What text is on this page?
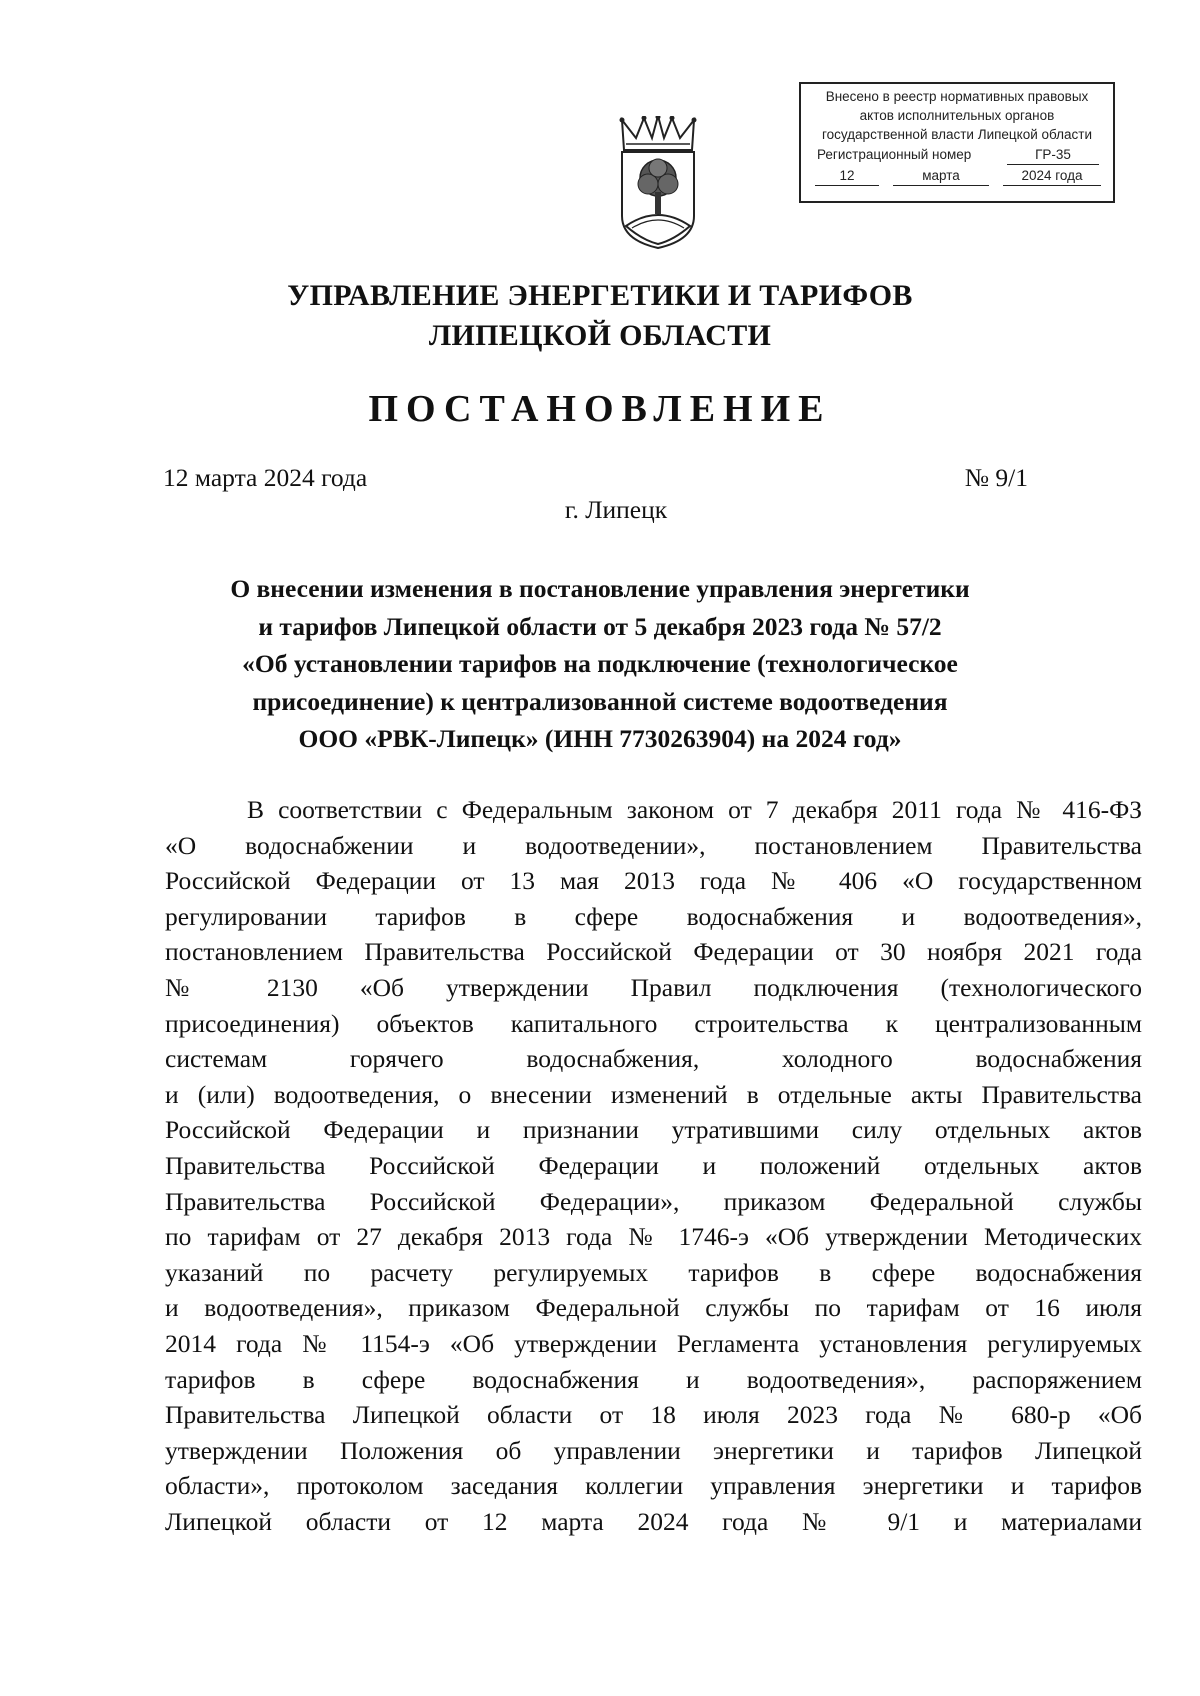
Внесено в реестр нормативных правовых
актов исполнительных органов
государственной власти Липецкой области
Регистрационный номер	ГР-35
12	марта	2024 года
УПРАВЛЕНИЕ ЭНЕРГЕТИКИ И ТАРИФОВ
ЛИПЕЦКОЙ ОБЛАСТИ
ПОСТАНОВЛЕНИЕ
12 марта 2024 года	№ 9/1
г. Липецк
О внесении изменения в постановление управления энергетики
и тарифов Липецкой области от 5 декабря 2023 года № 57/2
«Об установлении тарифов на подключение (технологическое
присоединение) к централизованной системе водоотведения
ООО «РВК-Липецк» (ИНН 7730263904) на 2024 год»
В соответствии с Федеральным законом от 7 декабря 2011 года № 416-ФЗ
«О водоснабжении и водоотведении», постановлением Правительства
Российской Федерации от 13 мая 2013 года № 406 «О государственном
регулировании тарифов в сфере водоснабжения и водоотведения»,
постановлением Правительства Российской Федерации от 30 ноября 2021 года
№ 2130 «Об утверждении Правил подключения (технологического
присоединения) объектов капитального строительства к централизованным
системам горячего водоснабжения, холодного водоснабжения
и (или) водоотведения, о внесении изменений в отдельные акты Правительства
Российской Федерации и признании утратившими силу отдельных актов
Правительства Российской Федерации и положений отдельных актов
Правительства Российской Федерации», приказом Федеральной службы
по тарифам от 27 декабря 2013 года № 1746-э «Об утверждении Методических
указаний по расчету регулируемых тарифов в сфере водоснабжения
и водоотведения», приказом Федеральной службы по тарифам от 16 июля
2014 года № 1154-э «Об утверждении Регламента установления регулируемых
тарифов в сфере водоснабжения и водоотведения», распоряжением
Правительства Липецкой области от 18 июля 2023 года № 680-р «Об
утверждении Положения об управлении энергетики и тарифов Липецкой
области», протоколом заседания коллегии управления энергетики и тарифов
Липецкой области от 12 марта 2024 года № 9/1 и материалами
